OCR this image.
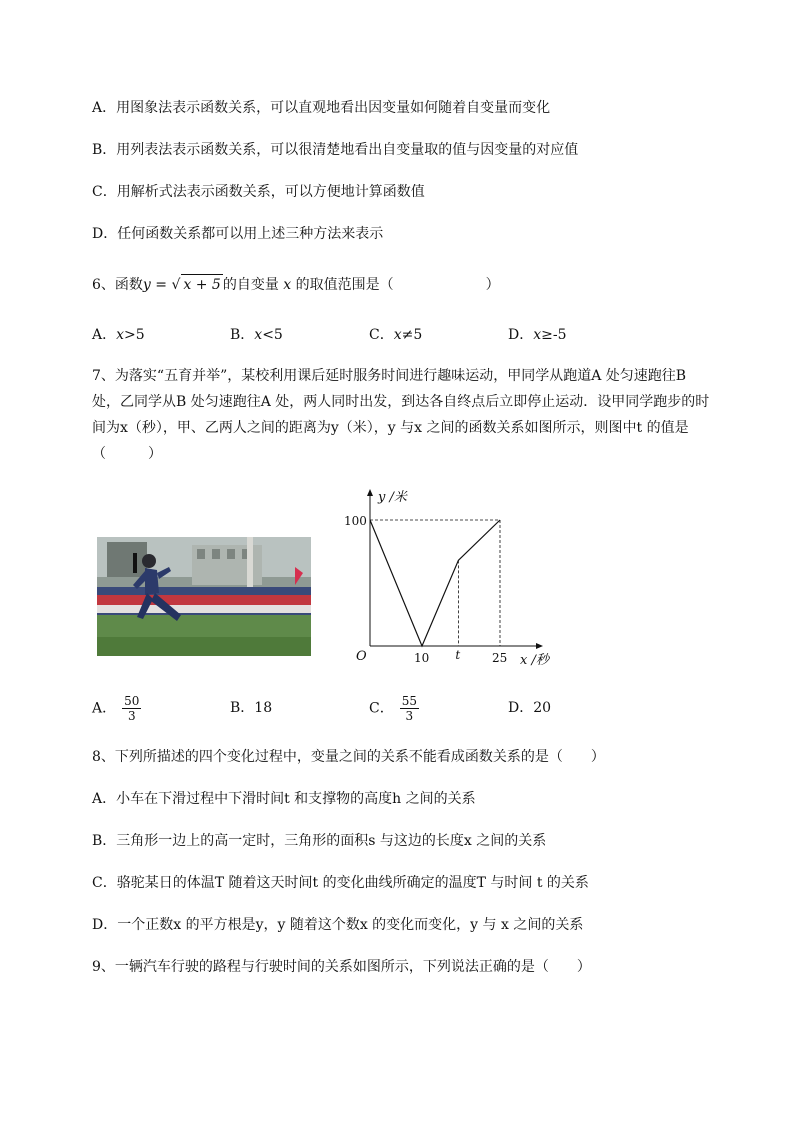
A．用图象法表示函数关系，可以直观地看出因变量如何随着自变量而变化
B．用列表法表示函数关系，可以很清楚地看出自变量取的值与因变量的对应值
C．用解析式法表示函数关系，可以方便地计算函数值
D．任何函数关系都可以用上述三种方法来表示
6、函数y = √ x + 5 的自变量 x 的取值范围是（	）
A．x>5	B．x<5	C．x≠5	D．x≥-5
7、为落实“五育并举”，某校利用课后延时服务时间进行趣味运动，甲同学从跑道A 处匀速跑往B
处，乙同学从B 处匀速跑往A 处，两人同时出发，到达各自终点后立即停止运动．设甲同学跑步的时
间为x（秒），甲、乙两人之间的距离为y（米），y 与x 之间的函数关系如图所示，则图中t 的值是
（　　　）
y /米
x /秒
O
100
10 t	25
A． $\frac{50}{3}$	B．18	C． $\frac{55}{3}$	D．20
8、下列所描述的四个变化过程中，变量之间的关系不能看成函数关系的是（　　）
A．小车在下滑过程中下滑时间t 和支撑物的高度h 之间的关系
B．三角形一边上的高一定时，三角形的面积s 与这边的长度x 之间的关系
C．骆驼某日的体温T 随着这天时间t 的变化曲线所确定的温度T 与时间 t 的关系
D．一个正数x 的平方根是y，y 随着这个数x 的变化而变化，y 与 x 之间的关系
9、一辆汽车行驶的路程与行驶时间的关系如图所示，下列说法正确的是（　　）
